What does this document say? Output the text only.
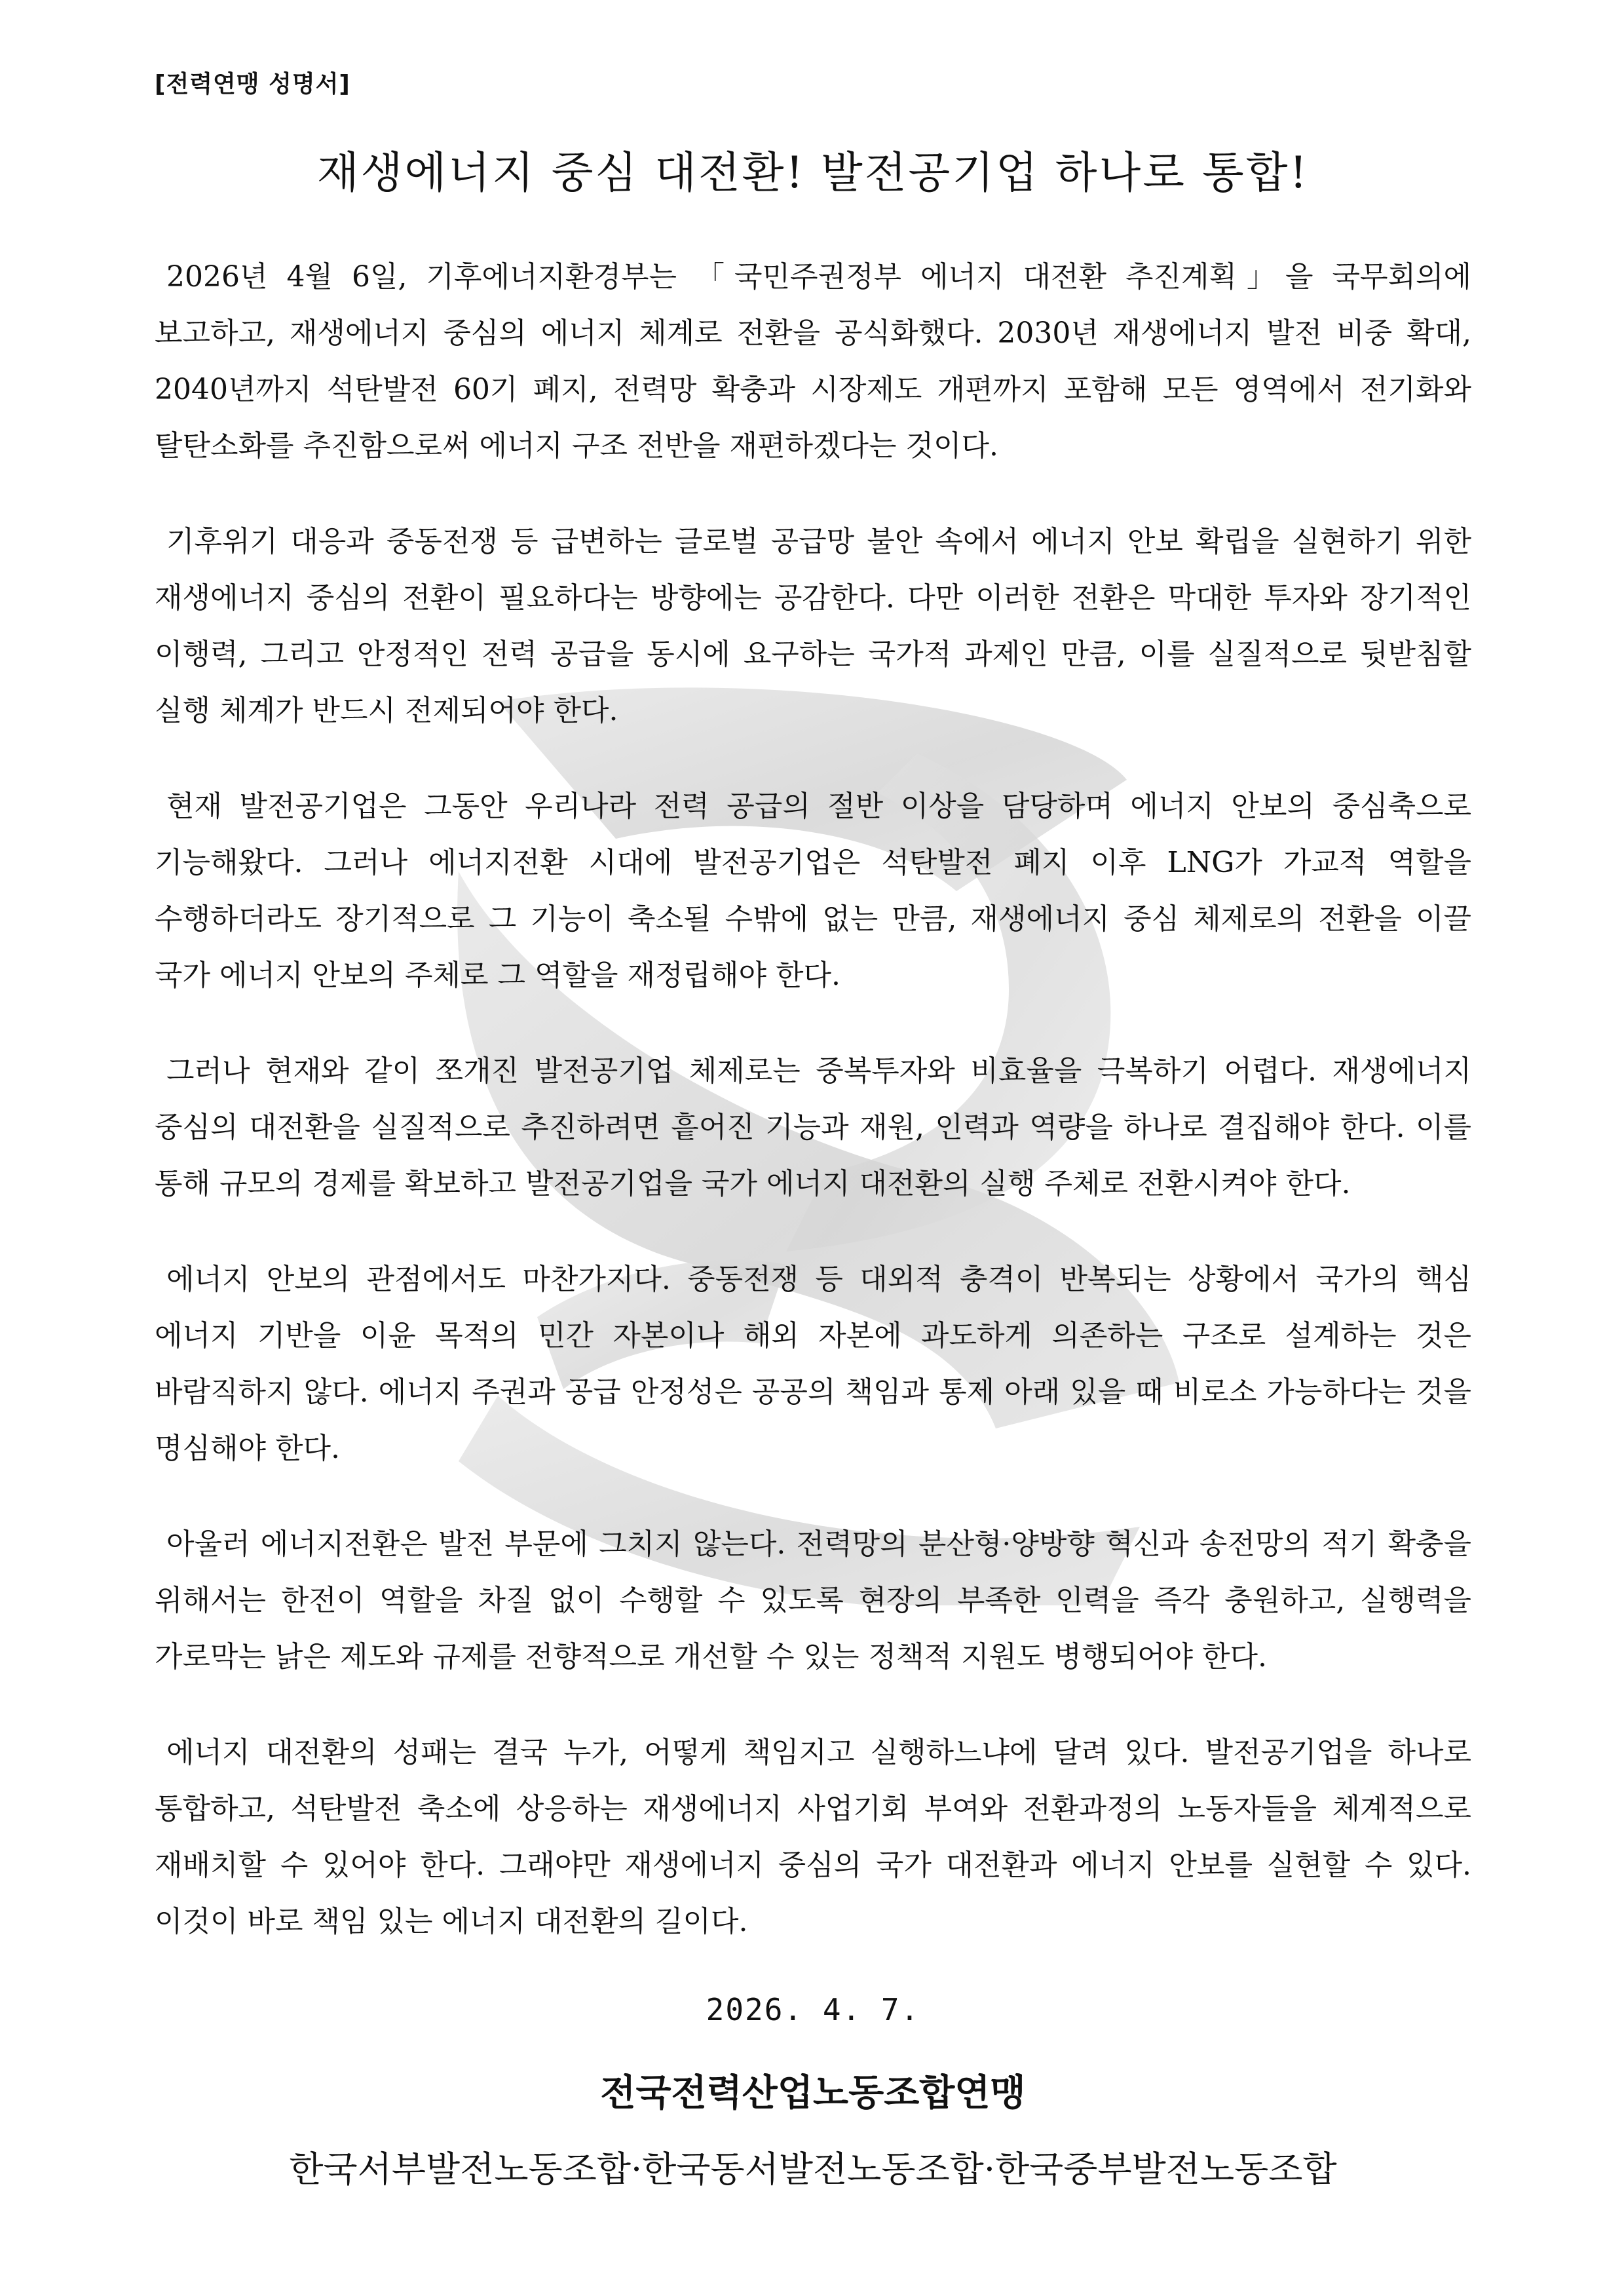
[전력연맹 성명서]
재생에너지 중심 대전환! 발전공기업 하나로 통합!

2026년 4월 6일, 기후에너지환경부는 「국민주권정부 에너지 대전환 추진계획」을 국무회의에 보고하고, 재생에너지 중심의 에너지 체계로 전환을 공식화했다. 2030년 재생에너지 발전 비중 확대, 2040년까지 석탄발전 60기 폐지, 전력망 확충과 시장제도 개편까지 포함해 모든 영역에서 전기화와 탈탄소화를 추진함으로써 에너지 구조 전반을 재편하겠다는 것이다.

기후위기 대응과 중동전쟁 등 급변하는 글로벌 공급망 불안 속에서 에너지 안보 확립을 실현하기 위한 재생에너지 중심의 전환이 필요하다는 방향에는 공감한다. 다만 이러한 전환은 막대한 투자와 장기적인 이행력, 그리고 안정적인 전력 공급을 동시에 요구하는 국가적 과제인 만큼, 이를 실질적으로 뒷받침할 실행 체계가 반드시 전제되어야 한다.

현재 발전공기업은 그동안 우리나라 전력 공급의 절반 이상을 담당하며 에너지 안보의 중심축으로 기능해왔다. 그러나 에너지전환 시대에 발전공기업은 석탄발전 폐지 이후 LNG가 가교적 역할을 수행하더라도 장기적으로 그 기능이 축소될 수밖에 없는 만큼, 재생에너지 중심 체제로의 전환을 이끌 국가 에너지 안보의 주체로 그 역할을 재정립해야 한다.

그러나 현재와 같이 쪼개진 발전공기업 체제로는 중복투자와 비효율을 극복하기 어렵다. 재생에너지 중심의 대전환을 실질적으로 추진하려면 흩어진 기능과 재원, 인력과 역량을 하나로 결집해야 한다. 이를 통해 규모의 경제를 확보하고 발전공기업을 국가 에너지 대전환의 실행 주체로 전환시켜야 한다.

에너지 안보의 관점에서도 마찬가지다. 중동전쟁 등 대외적 충격이 반복되는 상황에서 국가의 핵심 에너지 기반을 이윤 목적의 민간 자본이나 해외 자본에 과도하게 의존하는 구조로 설계하는 것은 바람직하지 않다. 에너지 주권과 공급 안정성은 공공의 책임과 통제 아래 있을 때 비로소 가능하다는 것을 명심해야 한다.

아울러 에너지전환은 발전 부문에 그치지 않는다. 전력망의 분산형·양방향 혁신과 송전망의 적기 확충을 위해서는 한전이 역할을 차질 없이 수행할 수 있도록 현장의 부족한 인력을 즉각 충원하고, 실행력을 가로막는 낡은 제도와 규제를 전향적으로 개선할 수 있는 정책적 지원도 병행되어야 한다.

에너지 대전환의 성패는 결국 누가, 어떻게 책임지고 실행하느냐에 달려 있다. 발전공기업을 하나로 통합하고, 석탄발전 축소에 상응하는 재생에너지 사업기회 부여와 전환과정의 노동자들을 체계적으로 재배치할 수 있어야 한다. 그래야만 재생에너지 중심의 국가 대전환과 에너지 안보를 실현할 수 있다. 이것이 바로 책임 있는 에너지 대전환의 길이다.

2026. 4. 7.
전국전력산업노동조합연맹
한국서부발전노동조합·한국동서발전노동조합·한국중부발전노동조합
